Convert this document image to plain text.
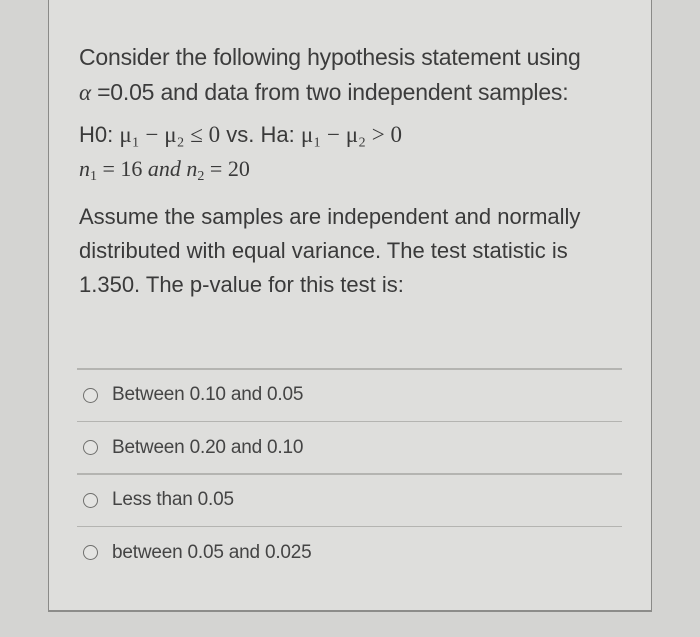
Consider the following hypothesis statement using
α =0.05 and data from two independent samples:
H0: μ₁ − μ₂ ≤ 0 vs. Ha: μ₁ − μ₂ > 0
$n_1 = 16$ and $n_2 = 20$
Assume the samples are independent and normally distributed with equal variance. The test statistic is 1.350. The p-value for this test is:
Between 0.10 and 0.05
Between 0.20 and 0.10
Less than 0.05
between 0.05 and 0.025
